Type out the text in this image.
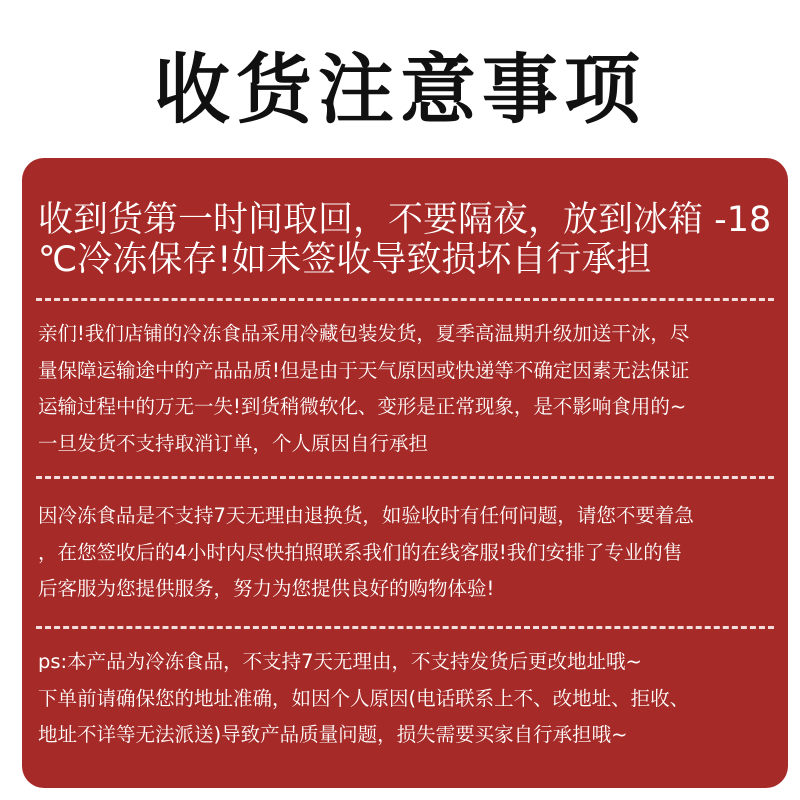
收货注意事项
收到货第一时间取回，不要隔夜，放到冰箱 -18
℃冷冻保存!如未签收导致损坏自行承担
亲们!我们店铺的冷冻食品采用冷藏包装发货，夏季高温期升级加送干冰，尽
量保障运输途中的产品品质!但是由于天气原因或快递等不确定因素无法保证
运输过程中的万无一失!到货稍微软化、变形是正常现象，是不影响食用的~
一旦发货不支持取消订单，个人原因自行承担
因冷冻食品是不支持7天无理由退换货，如验收时有任何问题，请您不要着急
，在您签收后的4小时内尽快拍照联系我们的在线客服!我们安排了专业的售
后客服为您提供服务，努力为您提供良好的购物体验!
ps:本产品为冷冻食品，不支持7天无理由，不支持发货后更改地址哦~
下单前请确保您的地址准确，如因个人原因(电话联系上不、改地址、拒收、
地址不详等无法派送)导致产品质量问题，损失需要买家自行承担哦~
